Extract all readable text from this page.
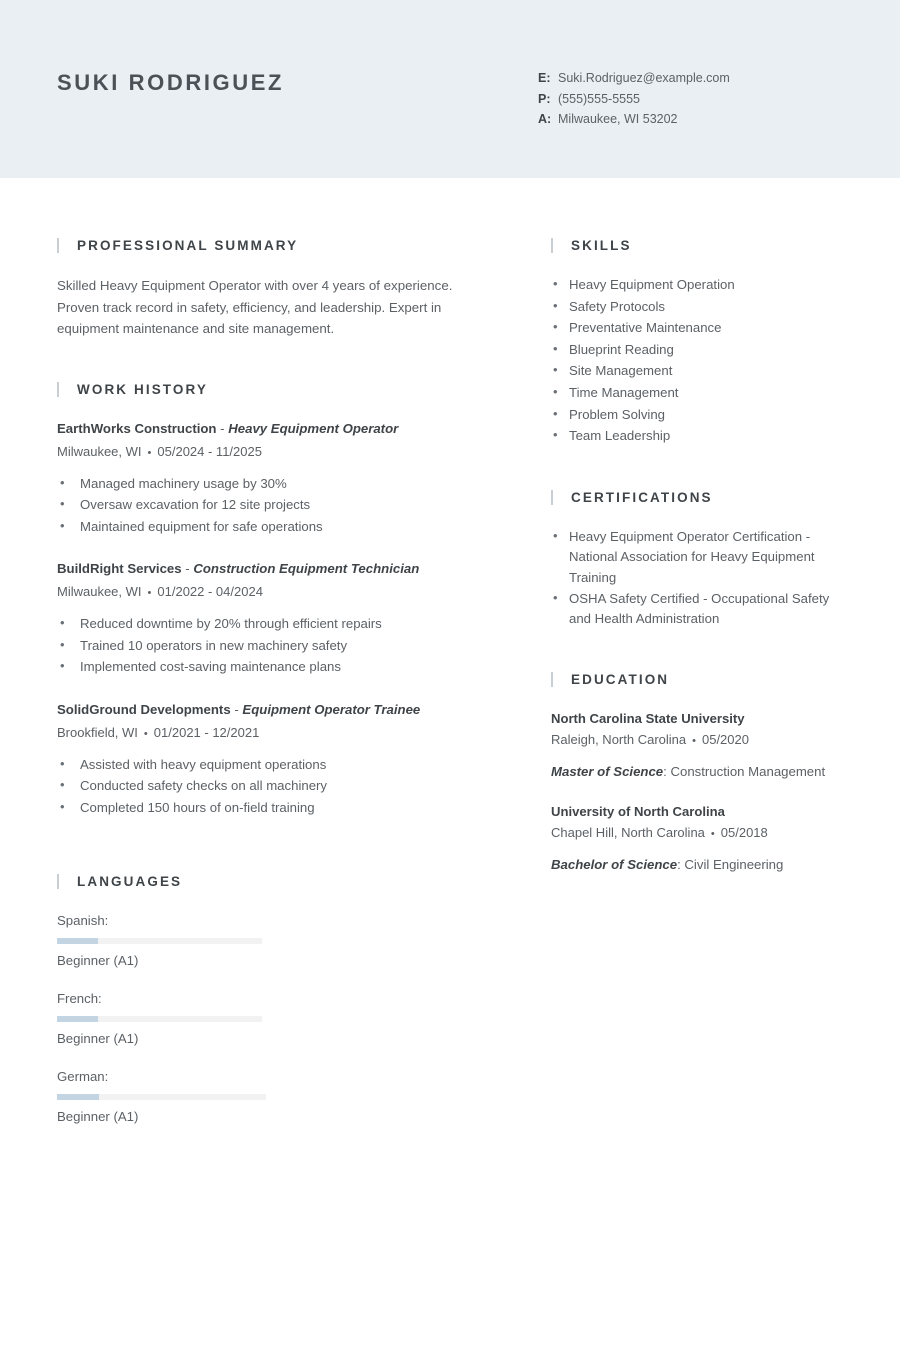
SUKI RODRIGUEZ	E: Suki.Rodriguez@example.com
P: (555)555-5555
A: Milwaukee, WI 53202
PROFESSIONAL SUMMARY
Skilled Heavy Equipment Operator with over 4 years of experience. Proven track record in safety, efficiency, and leadership. Expert in equipment maintenance and site management.
WORK HISTORY
EarthWorks Construction - Heavy Equipment Operator
Milwaukee, WI • 05/2024 - 11/2025
• Managed machinery usage by 30%
• Oversaw excavation for 12 site projects
• Maintained equipment for safe operations
BuildRight Services - Construction Equipment Technician
Milwaukee, WI • 01/2022 - 04/2024
• Reduced downtime by 20% through efficient repairs
• Trained 10 operators in new machinery safety
• Implemented cost-saving maintenance plans
SolidGround Developments - Equipment Operator Trainee
Brookfield, WI • 01/2021 - 12/2021
• Assisted with heavy equipment operations
• Conducted safety checks on all machinery
• Completed 150 hours of on-field training
LANGUAGES
Spanish:
Beginner (A1)
French:
Beginner (A1)
German:
Beginner (A1)
SKILLS
• Heavy Equipment Operation
• Safety Protocols
• Preventative Maintenance
• Blueprint Reading
• Site Management
• Time Management
• Problem Solving
• Team Leadership
CERTIFICATIONS
• Heavy Equipment Operator Certification - National Association for Heavy Equipment Training
• OSHA Safety Certified - Occupational Safety and Health Administration
EDUCATION
North Carolina State University
Raleigh, North Carolina • 05/2020
Master of Science: Construction Management
University of North Carolina
Chapel Hill, North Carolina • 05/2018
Bachelor of Science: Civil Engineering
